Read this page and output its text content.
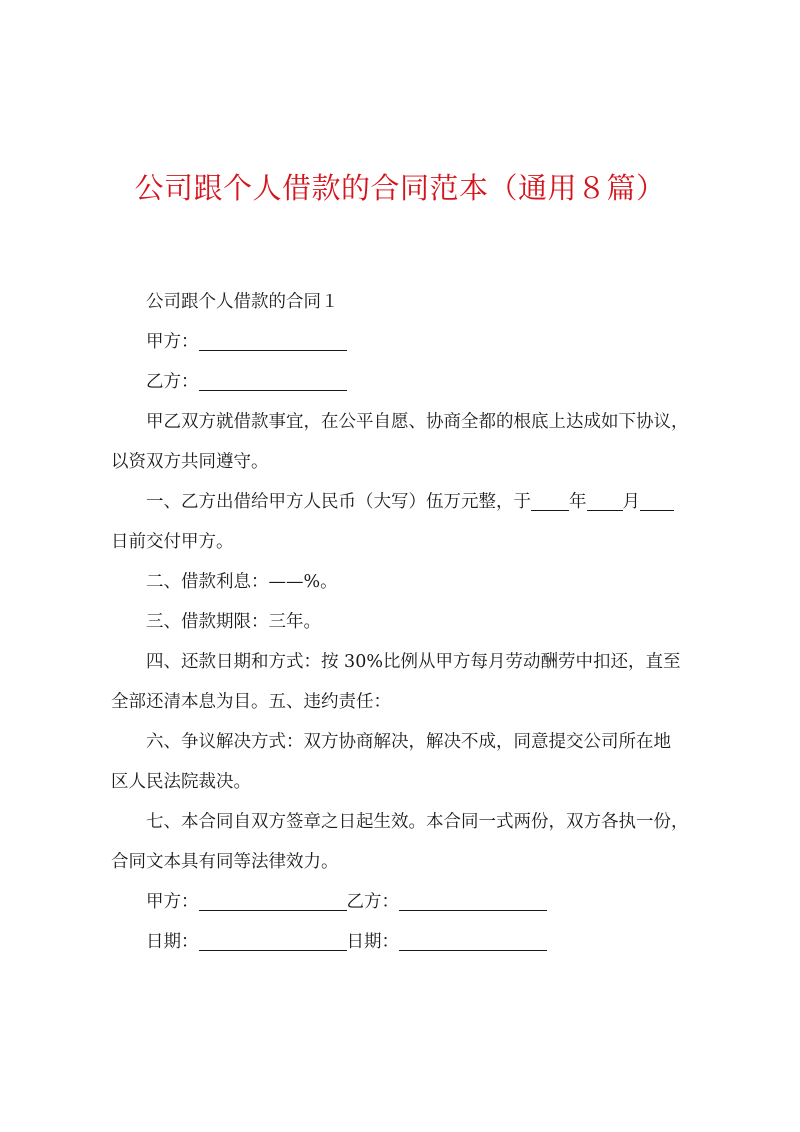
公司跟个人借款的合同范本（通用８篇）
公司跟个人借款的合同１
甲方：
乙方：
甲乙双方就借款事宜，在公平自愿、协商全都的根底上达成如下协议，
以资双方共同遵守。
一、乙方出借给甲方人民币（大写）伍万元整，于 年 月
日前交付甲方。
二、借款利息：——%。
三、借款期限：三年。
四、还款日期和方式：按 30%比例从甲方每月劳动酬劳中扣还，直至
全部还清本息为目。五、违约责任：
六、争议解决方式：双方协商解决，解决不成，同意提交公司所在地
区人民法院裁决。
七、本合同自双方签章之日起生效。本合同一式两份，双方各执一份，
合同文本具有同等法律效力。
甲方：	乙方：
日期：	日期：
